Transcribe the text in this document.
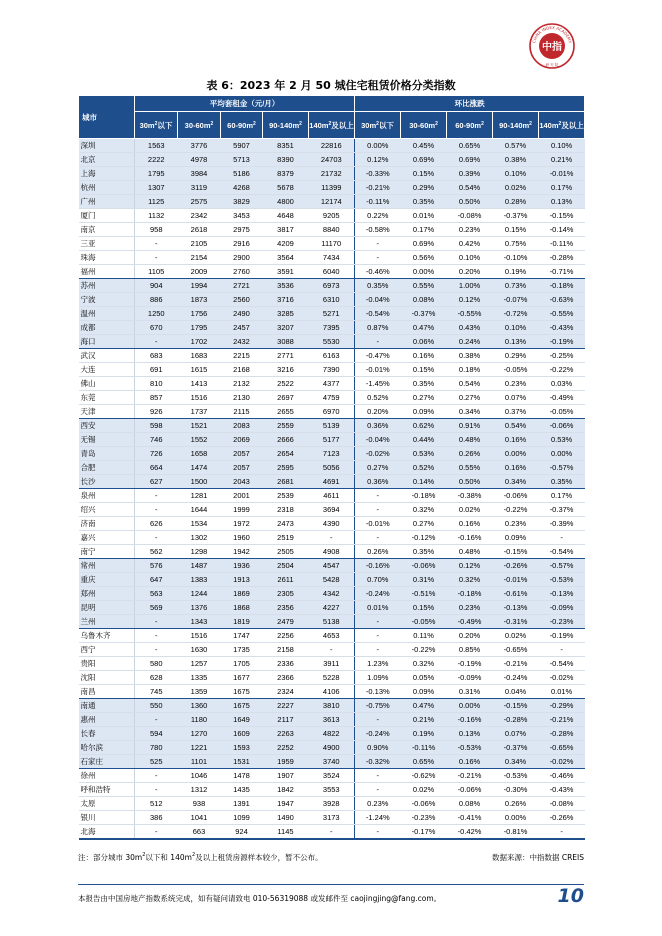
中指
CHINA INDEX ACADEMY
研 究 院
表 6：2023 年 2 月 50 城住宅租赁价格分类指数
城市	平均套租金（元/月）					环比涨跌				
	$30m^2$以下	$30-60m^2$	$60-90m^2$	$90-140m^2$	$140m^2$及以上	$30m^2$以下	$30-60m^2$	$60-90m^2$	$90-140m^2$	$140m^2$及以上
深圳	1563	3776	5907	8351	22816	0.00%	0.45%	0.65%	0.57%	0.10%
北京	2222	4978	5713	8390	24703	0.12%	0.69%	0.69%	0.38%	0.21%
上海	1795	3984	5186	8379	21732	-0.33%	0.15%	0.39%	0.10%	-0.01%
杭州	1307	3119	4268	5678	11399	-0.21%	0.29%	0.54%	0.02%	0.17%
广州	1125	2575	3829	4800	12174	-0.11%	0.35%	0.50%	0.28%	0.13%
厦门	1132	2342	3453	4648	9205	0.22%	0.01%	-0.08%	-0.37%	-0.15%
南京	958	2618	2975	3817	8840	-0.58%	0.17%	0.23%	0.15%	-0.14%
三亚	-	2105	2916	4209	11170	-	0.69%	0.42%	0.75%	-0.11%
珠海	-	2154	2900	3564	7434	-	0.56%	0.10%	-0.10%	-0.28%
福州	1105	2009	2760	3591	6040	-0.46%	0.00%	0.20%	0.19%	-0.71%
苏州	904	1994	2721	3536	6973	0.35%	0.55%	1.00%	0.73%	-0.18%
宁波	886	1873	2560	3716	6310	-0.04%	0.08%	0.12%	-0.07%	-0.63%
温州	1250	1756	2490	3285	5271	-0.54%	-0.37%	-0.55%	-0.72%	-0.55%
成都	670	1795	2457	3207	7395	0.87%	0.47%	0.43%	0.10%	-0.43%
海口	-	1702	2432	3088	5530	-	0.06%	0.24%	0.13%	-0.19%
武汉	683	1683	2215	2771	6163	-0.47%	0.16%	0.38%	0.29%	-0.25%
大连	691	1615	2168	3216	7390	-0.01%	0.15%	0.18%	-0.05%	-0.22%
佛山	810	1413	2132	2522	4377	-1.45%	0.35%	0.54%	0.23%	0.03%
东莞	857	1516	2130	2697	4759	0.52%	0.27%	0.27%	0.07%	-0.49%
天津	926	1737	2115	2655	6970	0.20%	0.09%	0.34%	0.37%	-0.05%
西安	598	1521	2083	2559	5139	0.36%	0.62%	0.91%	0.54%	-0.06%
无锡	746	1552	2069	2666	5177	-0.04%	0.44%	0.48%	0.16%	0.53%
青岛	726	1658	2057	2654	7123	-0.02%	0.53%	0.26%	0.00%	0.00%
合肥	664	1474	2057	2595	5056	0.27%	0.52%	0.55%	0.16%	-0.57%
长沙	627	1500	2043	2681	4691	0.36%	0.14%	0.50%	0.34%	0.35%
泉州	-	1281	2001	2539	4611	-	-0.18%	-0.38%	-0.06%	0.17%
绍兴	-	1644	1999	2318	3694	-	0.32%	0.02%	-0.22%	-0.37%
济南	626	1534	1972	2473	4390	-0.01%	0.27%	0.16%	0.23%	-0.39%
嘉兴	-	1302	1960	2519	-	-	-0.12%	-0.16%	0.09%	-
南宁	562	1298	1942	2505	4908	0.26%	0.35%	0.48%	-0.15%	-0.54%
常州	576	1487	1936	2504	4547	-0.16%	-0.06%	0.12%	-0.26%	-0.57%
重庆	647	1383	1913	2611	5428	0.70%	0.31%	0.32%	-0.01%	-0.53%
郑州	563	1244	1869	2305	4342	-0.24%	-0.51%	-0.18%	-0.61%	-0.13%
昆明	569	1376	1868	2356	4227	0.01%	0.15%	0.23%	-0.13%	-0.09%
兰州	-	1343	1819	2479	5138	-	-0.05%	-0.49%	-0.31%	-0.23%
乌鲁木齐	-	1516	1747	2256	4653	-	0.11%	0.20%	0.02%	-0.19%
西宁	-	1630	1735	2158	-	-	-0.22%	0.85%	-0.65%	-
贵阳	580	1257	1705	2336	3911	1.23%	0.32%	-0.19%	-0.21%	-0.54%
沈阳	628	1335	1677	2366	5228	1.09%	0.05%	-0.09%	-0.24%	-0.02%
南昌	745	1359	1675	2324	4106	-0.13%	0.09%	0.31%	0.04%	0.01%
南通	550	1360	1675	2227	3810	-0.75%	0.47%	0.00%	-0.15%	-0.29%
惠州	-	1180	1649	2117	3613	-	0.21%	-0.16%	-0.28%	-0.21%
长春	594	1270	1609	2263	4822	-0.24%	0.19%	0.13%	0.07%	-0.28%
哈尔滨	780	1221	1593	2252	4900	0.90%	-0.11%	-0.53%	-0.37%	-0.65%
石家庄	525	1101	1531	1959	3740	-0.32%	0.65%	0.16%	0.34%	-0.02%
徐州	-	1046	1478	1907	3524	-	-0.62%	-0.21%	-0.53%	-0.46%
呼和浩特	-	1312	1435	1842	3553	-	0.02%	-0.06%	-0.30%	-0.43%
太原	512	938	1391	1947	3928	0.23%	-0.06%	0.08%	0.26%	-0.08%
银川	386	1041	1099	1490	3173	-1.24%	-0.23%	-0.41%	0.00%	-0.26%
北海	-	663	924	1145	-	-	-0.17%	-0.42%	-0.81%	-
注：部分城市 $30m^2$以下和 $140m^2$及以上租赁房源样本较少，暂不公布。	数据来源：中指数据 CREIS
本报告由中国房地产指数系统完成，如有疑问请致电 010-56319088 或发邮件至 caojingjing@fang.com。	10
